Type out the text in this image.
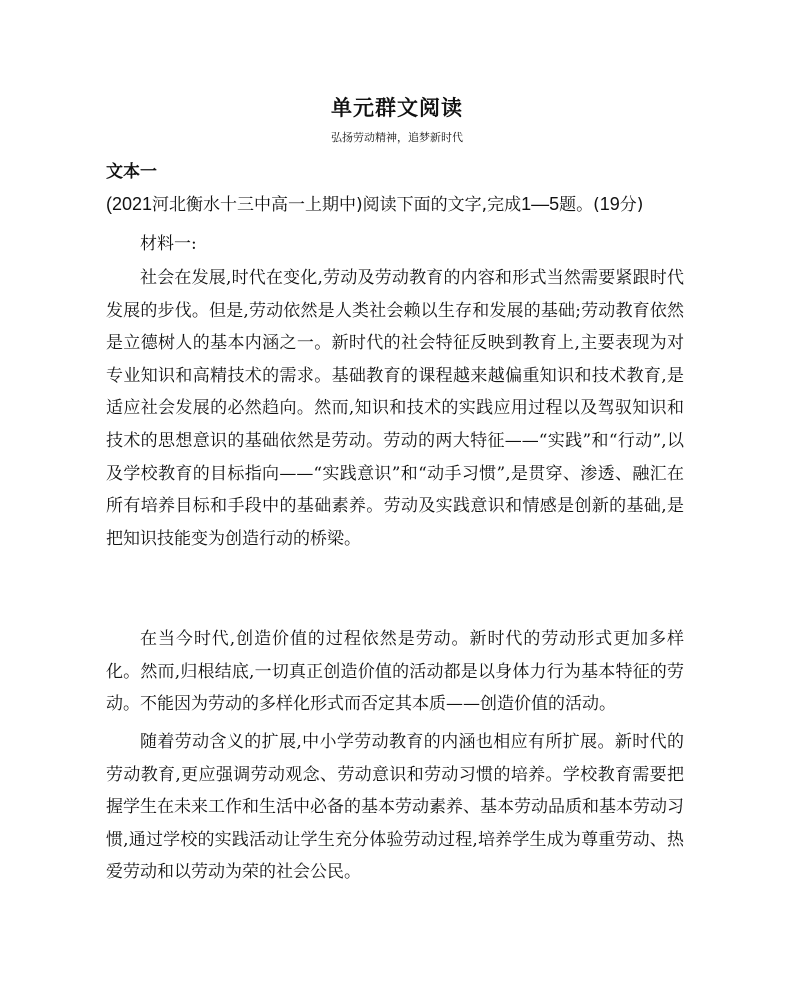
单元群文阅读
弘扬劳动精神，追梦新时代
文本一
(2021河北衡水十三中高一上期中)阅读下面的文字,完成1—5题。(19分)
材料一:

社会在发展,时代在变化,劳动及劳动教育的内容和形式当然需要紧跟时代发展的步伐。但是,劳动依然是人类社会赖以生存和发展的基础;劳动教育依然是立德树人的基本内涵之一。新时代的社会特征反映到教育上,主要表现为对专业知识和高精技术的需求。基础教育的课程越来越偏重知识和技术教育,是适应社会发展的必然趋向。然而,知识和技术的实践应用过程以及驾驭知识和技术的思想意识的基础依然是劳动。劳动的两大特征——“实践”和“行动”,以及学校教育的目标指向——“实践意识”和“动手习惯”,是贯穿、渗透、融汇在所有培养目标和手段中的基础素养。劳动及实践意识和情感是创新的基础,是把知识技能变为创造行动的桥梁。

在当今时代,创造价值的过程依然是劳动。新时代的劳动形式更加多样化。然而,归根结底,一切真正创造价值的活动都是以身体力行为基本特征的劳动。不能因为劳动的多样化形式而否定其本质——创造价值的活动。

随着劳动含义的扩展,中小学劳动教育的内涵也相应有所扩展。新时代的劳动教育,更应强调劳动观念、劳动意识和劳动习惯的培养。学校教育需要把握学生在未来工作和生活中必备的基本劳动素养、基本劳动品质和基本劳动习惯,通过学校的实践活动让学生充分体验劳动过程,培养学生成为尊重劳动、热爱劳动和以劳动为荣的社会公民。
